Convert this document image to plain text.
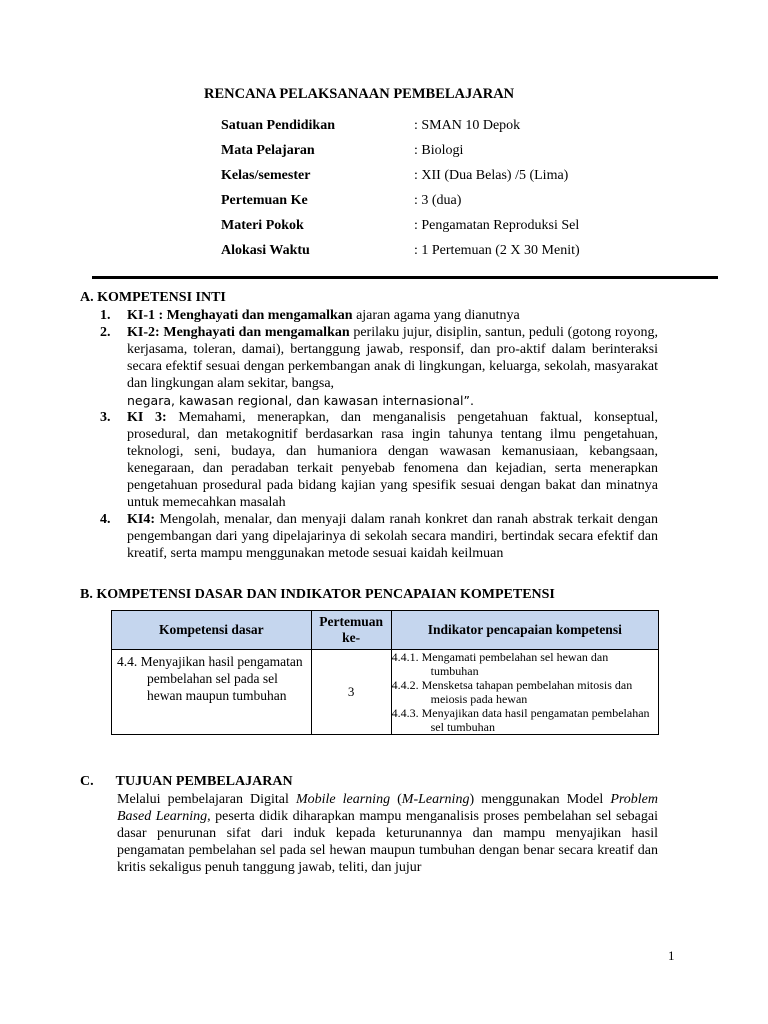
RENCANA PELAKSANAAN PEMBELAJARAN
Satuan Pendidikan	: SMAN 10 Depok
Mata Pelajaran	: Biologi
Kelas/semester	: XII (Dua Belas) /5 (Lima)
Pertemuan Ke	: 3 (dua)
Materi Pokok	: Pengamatan Reproduksi Sel
Alokasi Waktu	: 1 Pertemuan (2 X 30 Menit)
A. KOMPETENSI INTI
1. KI-1 : Menghayati dan mengamalkan ajaran agama yang dianutnya
2. KI-2: Menghayati dan mengamalkan perilaku jujur, disiplin, santun, peduli (gotong royong, kerjasama, toleran, damai), bertanggung jawab, responsif, dan pro-aktif dalam berinteraksi secara efektif sesuai dengan perkembangan anak di lingkungan, keluarga, sekolah, masyarakat dan lingkungan alam sekitar, bangsa,
negara, kawasan regional, dan kawasan internasional”.
3. KI 3: Memahami, menerapkan, dan menganalisis pengetahuan faktual, konseptual, prosedural, dan metakognitif berdasarkan rasa ingin tahunya tentang ilmu pengetahuan, teknologi, seni, budaya, dan humaniora dengan wawasan kemanusiaan, kebangsaan, kenegaraan, dan peradaban terkait penyebab fenomena dan kejadian, serta menerapkan pengetahuan prosedural pada bidang kajian yang spesifik sesuai dengan bakat dan minatnya untuk memecahkan masalah
4. KI4: Mengolah, menalar, dan menyaji dalam ranah konkret dan ranah abstrak terkait dengan pengembangan dari yang dipelajarinya di sekolah secara mandiri, bertindak secara efektif dan kreatif, serta mampu menggunakan metode sesuai kaidah keilmuan
B. KOMPETENSI DASAR DAN INDIKATOR PENCAPAIAN KOMPETENSI
Kompetensi dasar	Pertemuan ke-	Indikator pencapaian kompetensi

4.4. Menyajikan hasil pengamatan pembelahan sel pada sel hewan maupun tumbuhan	3	4.4.1. Mengamati pembelahan sel hewan dan tumbuhan
4.4.2. Mensketsa tahapan pembelahan mitosis dan meiosis pada hewan
4.4.3. Menyajikan data hasil pengamatan pembelahan sel tumbuhan
C. TUJUAN PEMBELAJARAN
Melalui pembelajaran Digital Mobile learning (M-Learning) menggunakan Model Problem Based Learning, peserta didik diharapkan mampu menganalisis proses pembelahan sel sebagai dasar penurunan sifat dari induk kepada keturunannya dan mampu menyajikan hasil pengamatan pembelahan sel pada sel hewan maupun tumbuhan dengan benar secara kreatif dan kritis sekaligus penuh tanggung jawab, teliti, dan jujur
1
